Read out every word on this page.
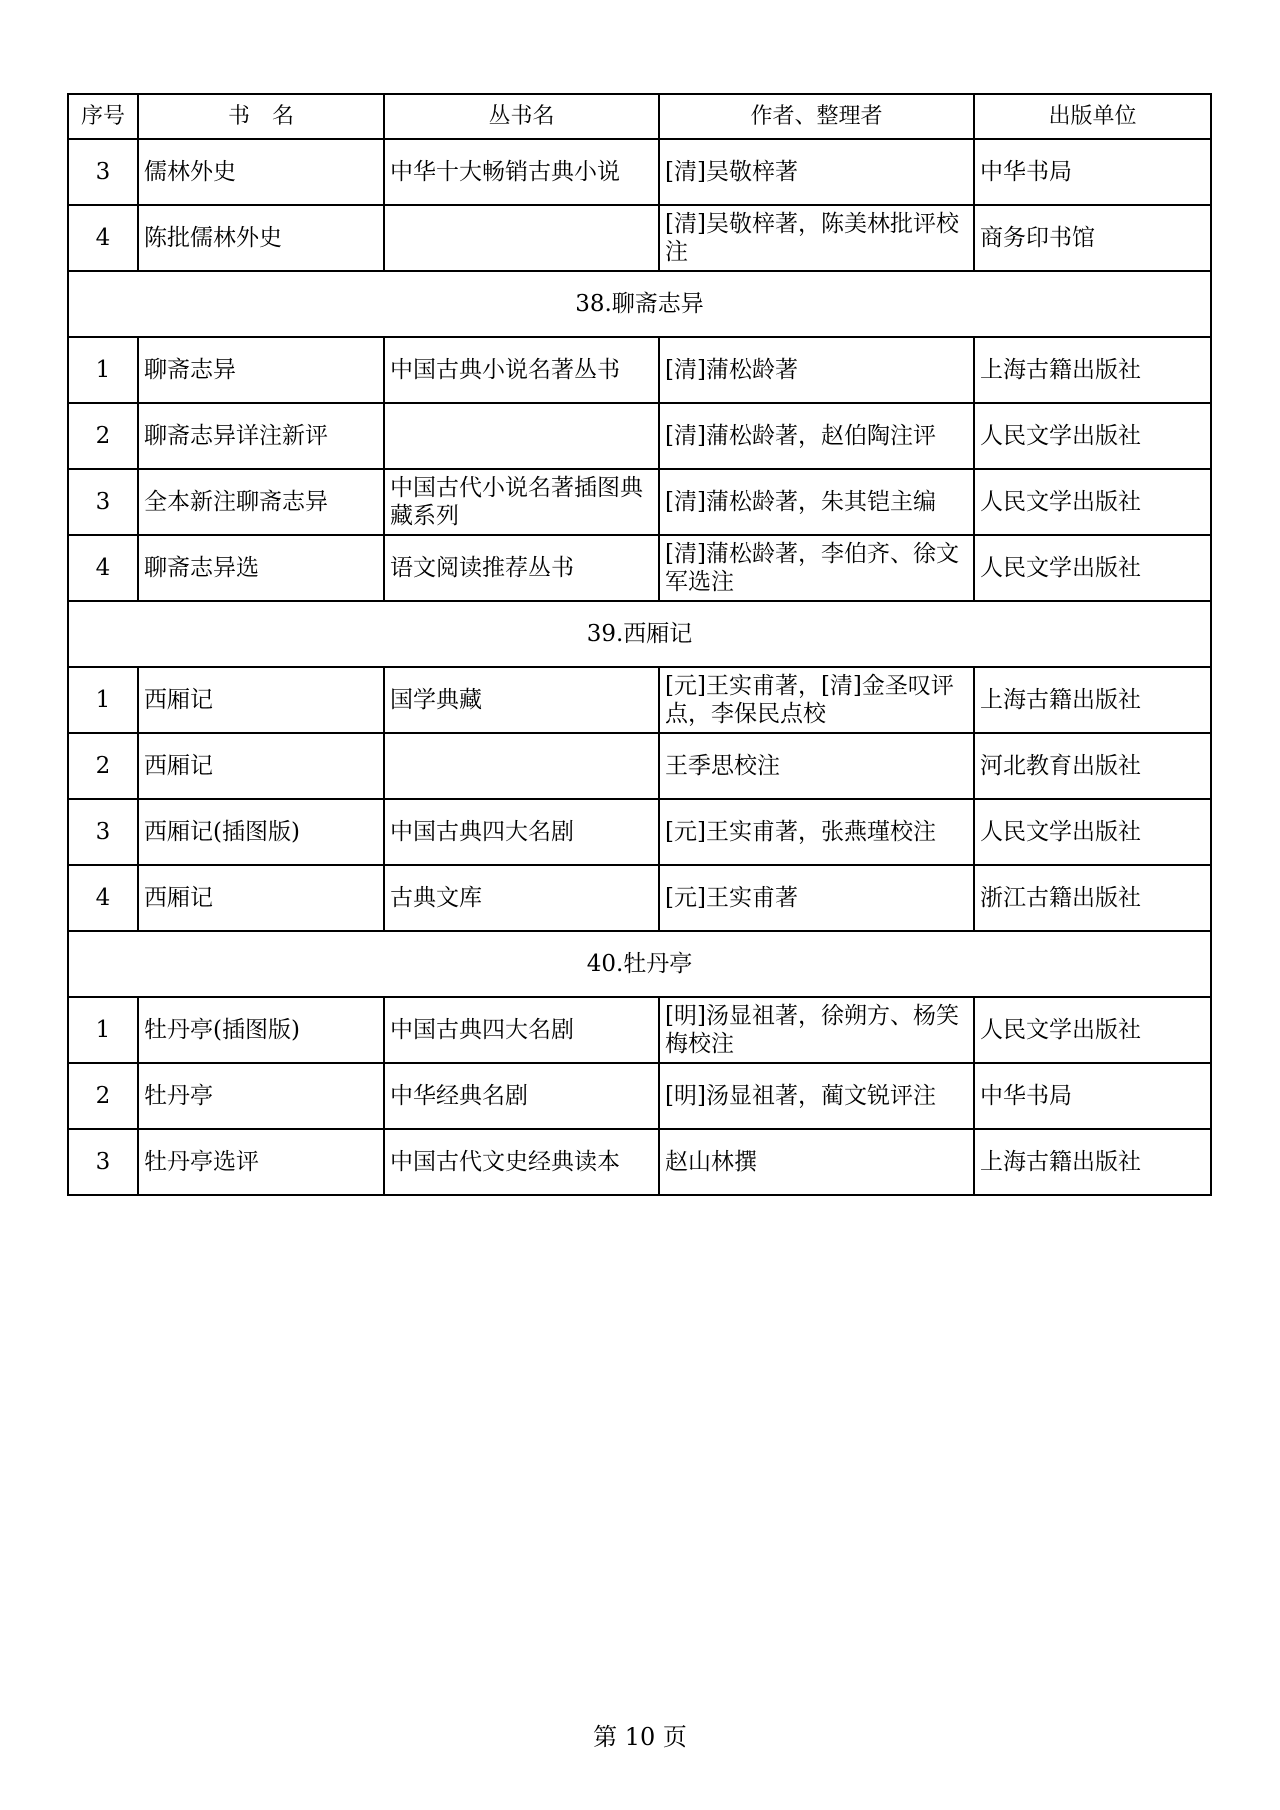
序号	书　名	丛书名	作者、整理者	出版单位
3	儒林外史	中华十大畅销古典小说	[清]吴敬梓著	中华书局
4	陈批儒林外史		[清]吴敬梓著，陈美林批评校注	商务印书馆
38.聊斋志异				
1	聊斋志异	中国古典小说名著丛书	[清]蒲松龄著	上海古籍出版社
2	聊斋志异详注新评		[清]蒲松龄著，赵伯陶注评	人民文学出版社
3	全本新注聊斋志异	中国古代小说名著插图典藏系列	[清]蒲松龄著，朱其铠主编	人民文学出版社
4	聊斋志异选	语文阅读推荐丛书	[清]蒲松龄著，李伯齐、徐文军选注	人民文学出版社
39.西厢记				
1	西厢记	国学典藏	[元]王实甫著，[清]金圣叹评点，李保民点校	上海古籍出版社
2	西厢记		王季思校注	河北教育出版社
3	西厢记(插图版)	中国古典四大名剧	[元]王实甫著，张燕瑾校注	人民文学出版社
4	西厢记	古典文库	[元]王实甫著	浙江古籍出版社
40.牡丹亭				
1	牡丹亭(插图版)	中国古典四大名剧	[明]汤显祖著，徐朔方、杨笑梅校注	人民文学出版社
2	牡丹亭	中华经典名剧	[明]汤显祖著，蔺文锐评注	中华书局
3	牡丹亭选评	中国古代文史经典读本	赵山林撰	上海古籍出版社
第 10 页
